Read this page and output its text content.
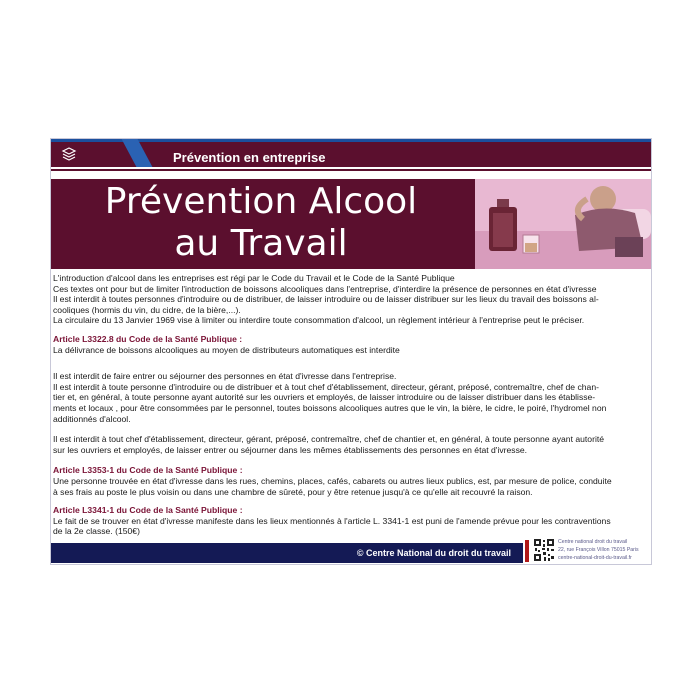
Prévention en entreprise
Prévention Alcool
au Travail

L'introduction d'alcool dans les entreprises est régi par le Code du Travail et le Code de la Santé Publique
Ces textes ont pour but de limiter l'introduction de boissons alcooliques dans l'entreprise, d'interdire la présence de personnes en état d'ivresse
Il est interdit à toutes personnes d'introduire ou de distribuer, de laisser introduire ou de laisser distribuer sur les lieux du travail des boissons al-
cooliques (hormis du vin, du cidre, de la bière,...).
La circulaire du 13 Janvier 1969 vise à limiter ou interdire toute consommation d'alcool, un règlement intérieur à l'entreprise peut le préciser.

Article L3322.8 du Code de la Santé Publique :

La délivrance de boissons alcooliques au moyen de distributeurs automatiques est interdite

Il est interdit de faire entrer ou séjourner des personnes en état d'ivresse dans l'entreprise.
Il est interdit à toute personne d'introduire ou de distribuer et à tout chef d'établissement, directeur, gérant, préposé, contremaître, chef de chan-
tier et, en général, à toute personne ayant autorité sur les ouvriers et employés, de laisser introduire ou de laisser distribuer dans les établisse-
ments et locaux , pour être consommées par le personnel, toutes boissons alcooliques autres que le vin, la bière, le cidre, le poiré, l'hydromel non
additionnés d'alcool.

Il est interdit à tout chef d'établissement, directeur, gérant, préposé, contremaître, chef de chantier et, en général, à toute personne ayant autorité
sur les ouvriers et employés, de laisser entrer ou séjourner dans les mêmes établissements des personnes en état d'ivresse.

Article L3353-1 du Code de la Santé Publique :

Une personne trouvée en état d'ivresse dans les rues, chemins, places, cafés, cabarets ou autres lieux publics, est, par mesure de police, conduite
à ses frais au poste le plus voisin ou dans une chambre de sûreté, pour y être retenue jusqu'à ce qu'elle ait recouvré la raison.

Article L3341-1 du Code de la Santé Publique :

Le fait de se trouver en état d'ivresse manifeste dans les lieux mentionnés à l'article L. 3341-1 est puni de l'amende prévue pour les contraventions
de la 2e classe. (150€)

© Centre National du droit du travail
Centre national droit du travail
22, rue François Villon 75015 Paris
centre-national-droit-du-travail.fr
